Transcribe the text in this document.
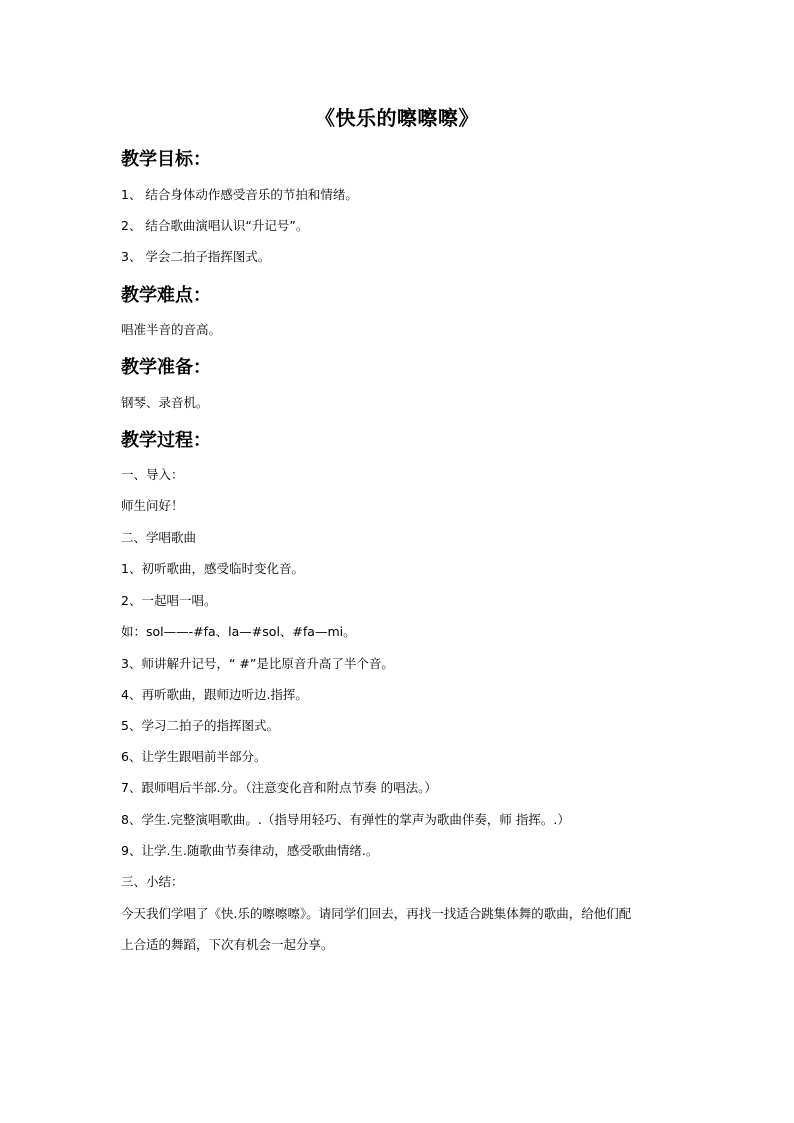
《快乐的嚓嚓嚓》
教学目标：
1、 结合身体动作感受音乐的节拍和情绪。
2、 结合歌曲演唱认识“升记号”。
3、 学会二拍子指挥图式。
教学难点：
唱准半音的音高。
教学准备：
钢琴、录音机。
教学过程：
一、导入：
师生问好！
二、学唱歌曲
1、初听歌曲，感受临时变化音。
2、一起唱一唱。
如：sol——-#fa、la—#sol、#fa—mi。
3、师讲解升记号，“ #”是比原音升高了半个音。
4、再听歌曲，跟师边听边.指挥。
5、学习二拍子的指挥图式。
6、让学生跟唱前半部分。
7、跟师唱后半部.分。（注意变化音和附点节奏 的唱法。）
8、学生.完整演唱歌曲。.（指导用轻巧、有弹性的掌声为歌曲伴奏，师 指挥。.）
9、让学.生.随歌曲节奏律动，感受歌曲情绪.。
三、小结：
今天我们学唱了《快.乐的嚓嚓嚓》。请同学们回去，再找一找适合跳集体舞的歌曲，给他们配
上合适的舞蹈，下次有机会一起分享。
